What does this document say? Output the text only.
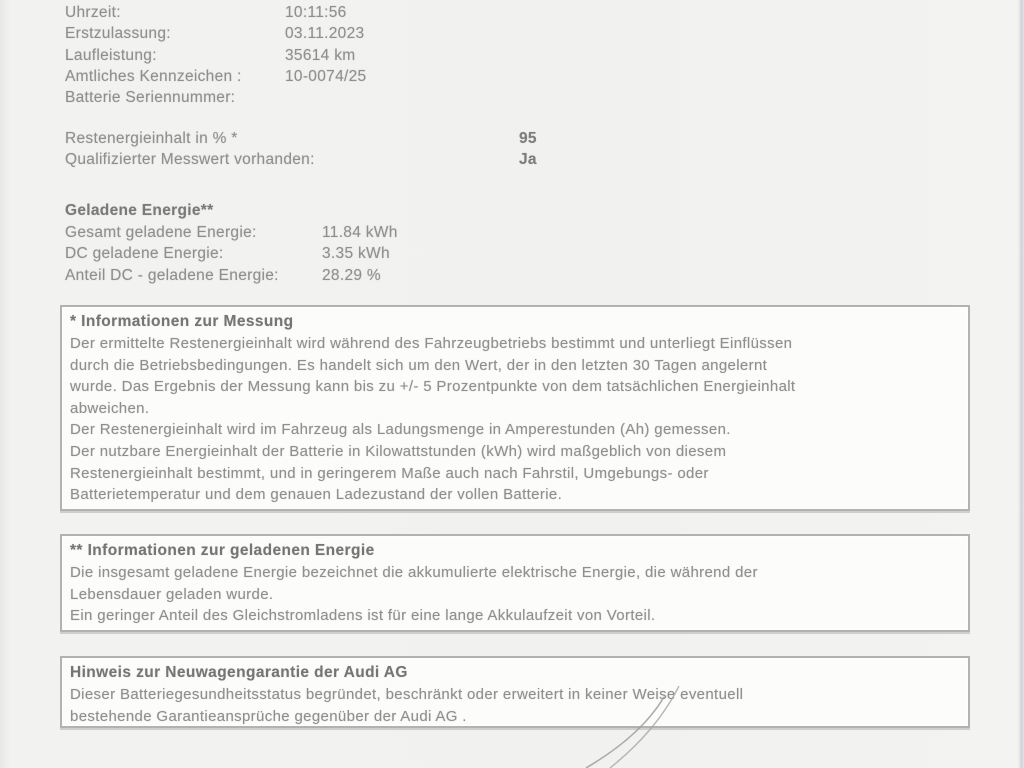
Uhrzeit:	10:11:56
Erstzulassung:	03.11.2023
Laufleistung:	35614 km
Amtliches Kennzeichen :	10-0074/25
Batterie Seriennummer:
Restenergieinhalt in % *	95
Qualifizierter Messwert vorhanden:	Ja
Geladene Energie**
Gesamt geladene Energie:	11.84 kWh
DC geladene Energie:	3.35 kWh
Anteil DC - geladene Energie:	28.29 %
* Informationen zur Messung
Der ermittelte Restenergieinhalt wird während des Fahrzeugbetriebs bestimmt und unterliegt Einflüssen
durch die Betriebsbedingungen. Es handelt sich um den Wert, der in den letzten 30 Tagen angelernt
wurde. Das Ergebnis der Messung kann bis zu +/- 5 Prozentpunkte von dem tatsächlichen Energieinhalt
abweichen.
Der Restenergieinhalt wird im Fahrzeug als Ladungsmenge in Amperestunden (Ah) gemessen.
Der nutzbare Energieinhalt der Batterie in Kilowattstunden (kWh) wird maßgeblich von diesem
Restenergieinhalt bestimmt, und in geringerem Maße auch nach Fahrstil, Umgebungs- oder
Batterietemperatur und dem genauen Ladezustand der vollen Batterie.
** Informationen zur geladenen Energie
Die insgesamt geladene Energie bezeichnet die akkumulierte elektrische Energie, die während der
Lebensdauer geladen wurde.
Ein geringer Anteil des Gleichstromladens ist für eine lange Akkulaufzeit von Vorteil.
Hinweis zur Neuwagengarantie der Audi AG
Dieser Batteriegesundheitsstatus begründet, beschränkt oder erweitert in keiner Weise eventuell
bestehende Garantieansprüche gegenüber der Audi AG .
